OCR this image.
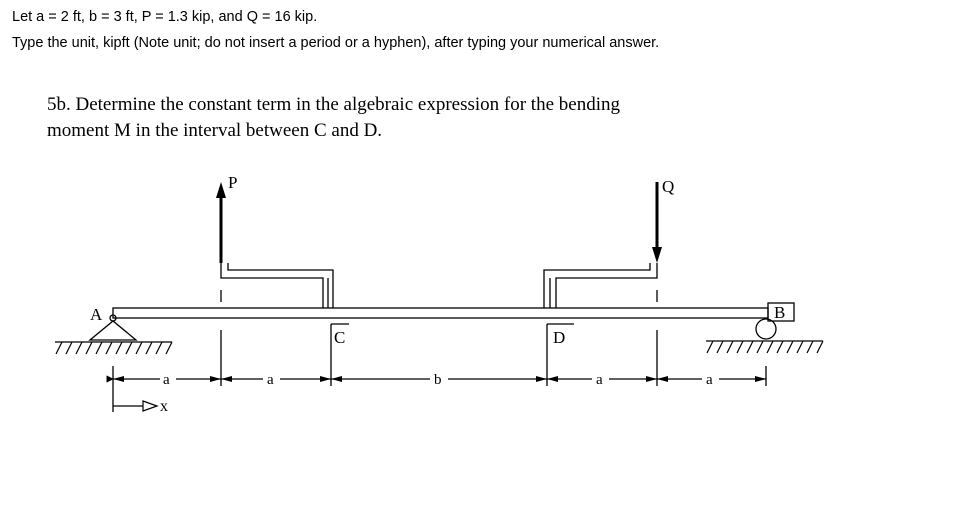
Let a = 2 ft, b = 3 ft, P = 1.3 kip, and Q = 16 kip.
Type the unit, kipft (Note unit; do not insert a period or a hyphen), after typing your numerical answer.
5b. Determine the constant term in the algebraic expression for the bending
moment M in the interval between C and D.
P	Q
A	B
C	D
a	a	b	a	a
x
